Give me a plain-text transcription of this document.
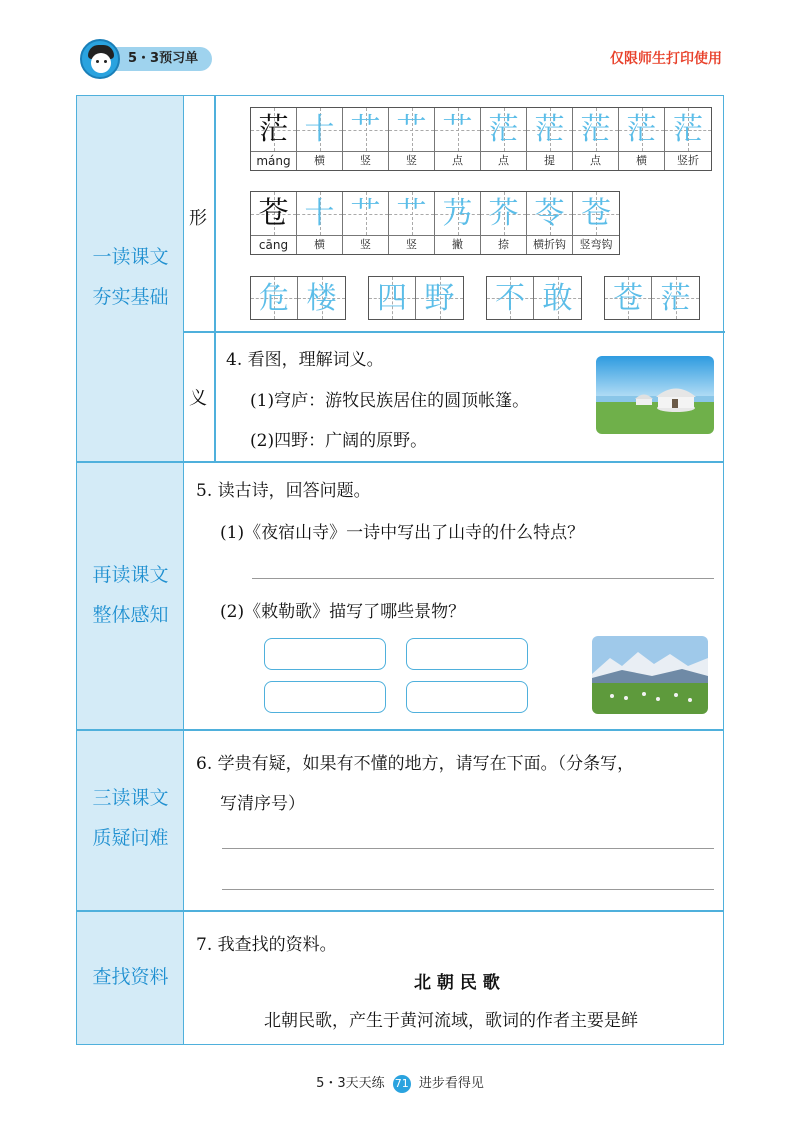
5・3预习单	仅限师生打印使用
一读课文
夯实基础
再读课文
整体感知
三读课文
质疑问难
查找资料
形
义
茫
máng
十
横
艹
竖
艹
竖
艹
点
茫
点
茫
提
茫
点
茫
横
茫
竖折
苍
cāng
十
横
艹
竖
艹
竖
艿
撇
芥
捺
苓
横折钩
苍
竖弯钩
危 楼 四 野 不 敢 苍 茫
4. 看图，理解词义。
(1)穹庐：游牧民族居住的圆顶帐篷。
(2)四野：广阔的原野。
5. 读古诗，回答问题。
(1)《夜宿山寺》一诗中写出了山寺的什么特点？
(2)《敕勒歌》描写了哪些景物？
6. 学贵有疑，如果有不懂的地方，请写在下面。（分条写，
写清序号）
7. 我查找的资料。
北 朝 民 歌
北朝民歌，产生于黄河流域，歌词的作者主要是鲜
5・3天天练 71 进步看得见
